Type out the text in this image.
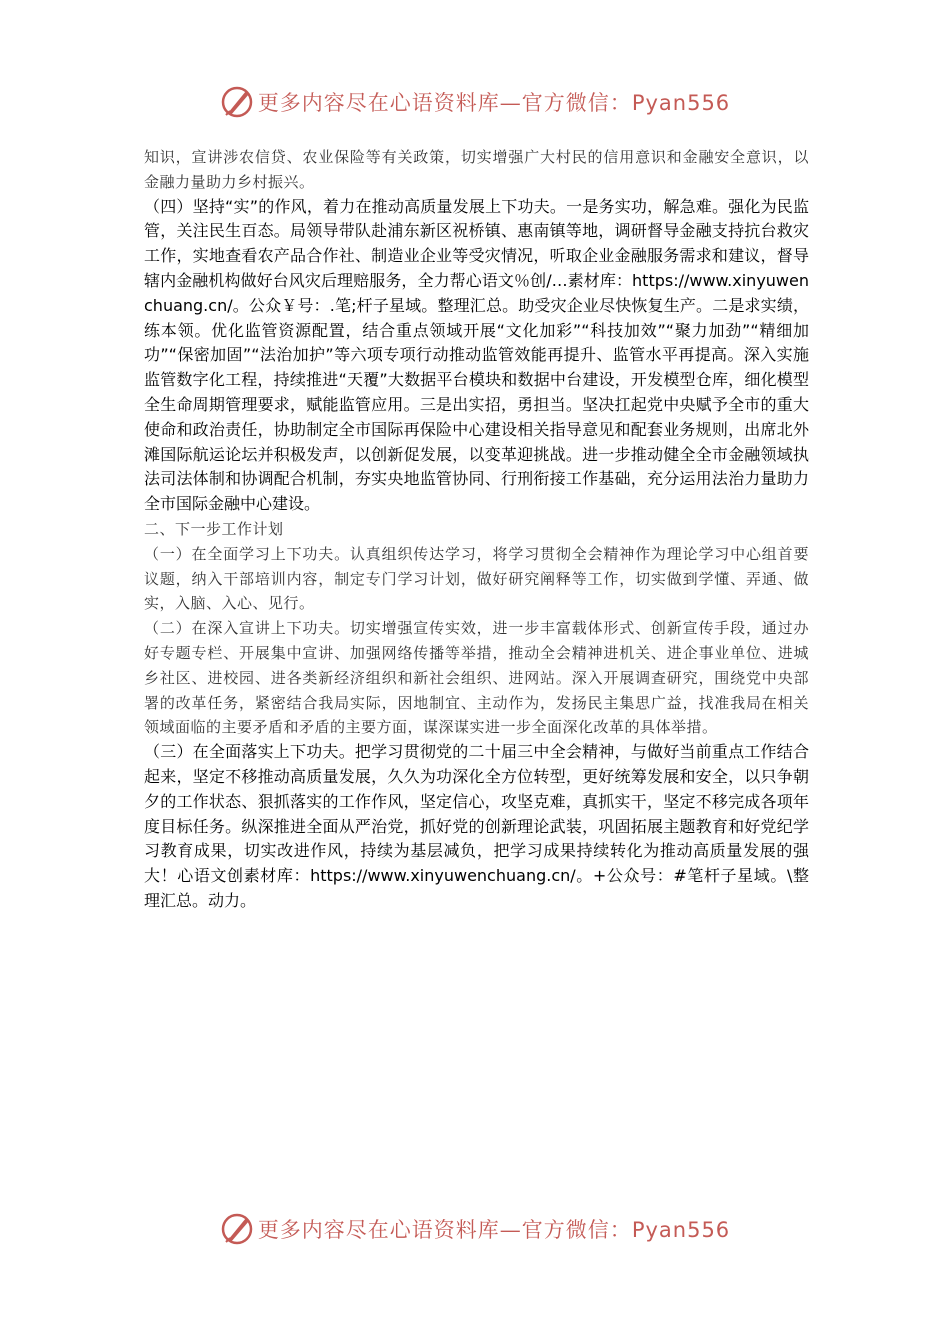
更多内容尽在心语资料库—官方微信：Pyan556

知识，宣讲涉农信贷、农业保险等有关政策，切实增强广大村民的信用意识和金融安全意识，以金融力量助力乡村振兴。

（四）坚持“实”的作风，着力在推动高质量发展上下功夫。一是务实功，解急难。强化为民监管，关注民生百态。局领导带队赴浦东新区祝桥镇、惠南镇等地，调研督导金融支持抗台救灾工作，实地查看农产品合作社、制造业企业等受灾情况，听取企业金融服务需求和建议，督导辖内金融机构做好台风灾后理赔服务，全力帮心语文％创/…素材库：https://www.xinyuwenchuang.cn/。公众￥号：.笔;杆子星域。整理汇总。助受灾企业尽快恢复生产。二是求实绩，练本领。优化监管资源配置，结合重点领域开展“文化加彩”“科技加效”“聚力加劲”“精细加功”“保密加固”“法治加护”等六项专项行动推动监管效能再提升、监管水平再提高。深入实施监管数字化工程，持续推进“天覆”大数据平台模块和数据中台建设，开发模型仓库，细化模型全生命周期管理要求，赋能监管应用。三是出实招，勇担当。坚决扛起党中央赋予全市的重大使命和政治责任，协助制定全市国际再保险中心建设相关指导意见和配套业务规则，出席北外滩国际航运论坛并积极发声，以创新促发展，以变革迎挑战。进一步推动健全全市金融领域执法司法体制和协调配合机制，夯实央地监管协同、行刑衔接工作基础，充分运用法治力量助力全市国际金融中心建设。

二、下一步工作计划

（一）在全面学习上下功夫。认真组织传达学习，将学习贯彻全会精神作为理论学习中心组首要议题，纳入干部培训内容，制定专门学习计划，做好研究阐释等工作，切实做到学懂、弄通、做实，入脑、入心、见行。

（二）在深入宣讲上下功夫。切实增强宣传实效，进一步丰富载体形式、创新宣传手段，通过办好专题专栏、开展集中宣讲、加强网络传播等举措，推动全会精神进机关、进企事业单位、进城乡社区、进校园、进各类新经济组织和新社会组织、进网站。深入开展调查研究，围绕党中央部署的改革任务，紧密结合我局实际，因地制宜、主动作为，发扬民主集思广益，找准我局在相关领域面临的主要矛盾和矛盾的主要方面，谋深谋实进一步全面深化改革的具体举措。

（三）在全面落实上下功夫。把学习贯彻党的二十届三中全会精神，与做好当前重点工作结合起来，坚定不移推动高质量发展，久久为功深化全方位转型，更好统筹发展和安全，以只争朝夕的工作状态、狠抓落实的工作作风，坚定信心，攻坚克难，真抓实干，坚定不移完成各项年度目标任务。纵深推进全面从严治党，抓好党的创新理论武装，巩固拓展主题教育和好党纪学习教育成果，切实改进作风，持续为基层减负，把学习成果持续转化为推动高质量发展的强大！心语文创素材库：https://www.xinyuwenchuang.cn/。+公众号：#笔杆子星域。\整理汇总。动力。

更多内容尽在心语资料库—官方微信：Pyan556
